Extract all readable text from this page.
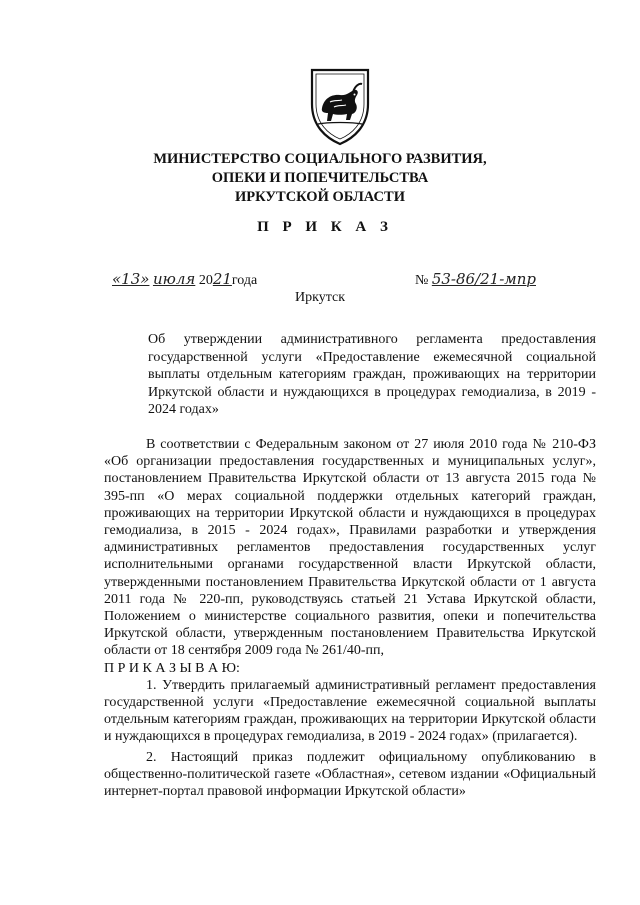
МИНИСТЕРСТВО СОЦИАЛЬНОГО РАЗВИТИЯ,
ОПЕКИ И ПОПЕЧИТЕЛЬСТВА
ИРКУТСКОЙ ОБЛАСТИ
П Р И К А З
«13» июля 2021года	№ 53-86/21-мпр
Иркутск
Об утверждении административного регламента предоставления государственной услуги «Предоставление ежемесячной социальной выплаты отдельным категориям граждан, проживающих на территории Иркутской области и нуждающихся в процедурах гемодиализа, в 2019 - 2024 годах»

В соответствии с Федеральным законом от 27 июля 2010 года № 210-ФЗ «Об организации предоставления государственных и муниципальных услуг», постановлением Правительства Иркутской области от 13 августа 2015 года № 395-пп «О мерах социальной поддержки отдельных категорий граждан, проживающих на территории Иркутской области и нуждающихся в процедурах гемодиализа, в 2015 - 2024 годах», Правилами разработки и утверждения административных регламентов предоставления государственных услуг исполнительными органами государственной власти Иркутской области, утвержденными постановлением Правительства Иркутской области от 1 августа 2011 года № 220-пп, руководствуясь статьей 21 Устава Иркутской области, Положением о министерстве социального развития, опеки и попечительства Иркутской области, утвержденным постановлением Правительства Иркутской области от 18 сентября 2009 года № 261/40-пп,

П Р И К А З Ы В А Ю:

1. Утвердить прилагаемый административный регламент предоставления государственной услуги «Предоставление ежемесячной социальной выплаты отдельным категориям граждан, проживающих на территории Иркутской области и нуждающихся в процедурах гемодиализа, в 2019 - 2024 годах» (прилагается).

2. Настоящий приказ подлежит официальному опубликованию в общественно-политической газете «Областная», сетевом издании «Официальный интернет-портал правовой информации Иркутской области»
